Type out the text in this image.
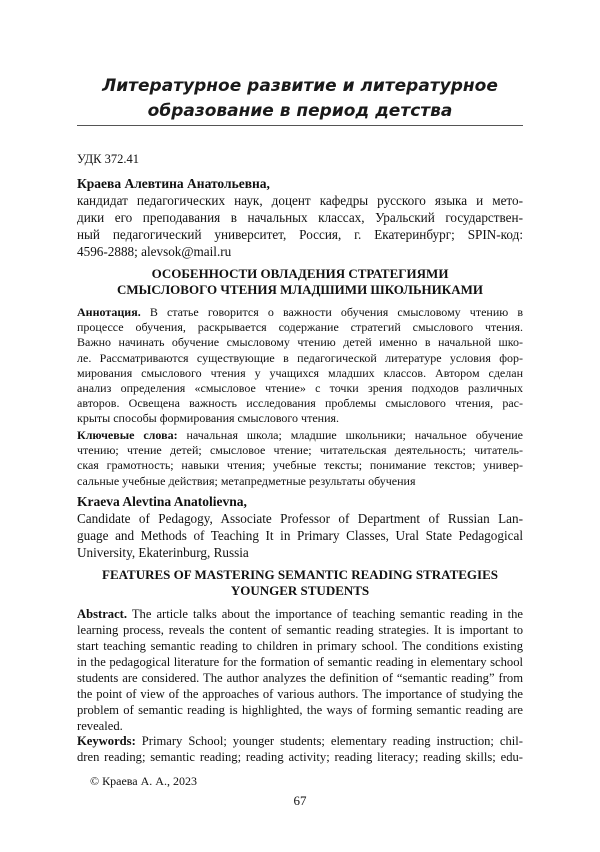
Литературное развитие и литературное
образование в период детства
УДК 372.41
Краева Алевтина Анатольевна,
кандидат педагогических наук, доцент кафедры русского языка и мето-
дики его преподавания в начальных классах, Уральский государствен-
ный педагогический университет, Россия, г. Екатеринбург; SPIN-код:
4596-2888; alevsok@mail.ru
ОСОБЕННОСТИ ОВЛАДЕНИЯ СТРАТЕГИЯМИ
СМЫСЛОВОГО ЧТЕНИЯ МЛАДШИМИ ШКОЛЬНИКАМИ
Аннотация. В статье говорится о важности обучения смысловому чтению в
процессе обучения, раскрывается содержание стратегий смыслового чтения.
Важно начинать обучение смысловому чтению детей именно в начальной шко-
ле. Рассматриваются существующие в педагогической литературе условия фор-
мирования смыслового чтения у учащихся младших классов. Автором сделан
анализ определения «смысловое чтение» с точки зрения подходов различных
авторов. Освещена важность исследования проблемы смыслового чтения, рас-
крыты способы формирования смыслового чтения.
Ключевые слова: начальная школа; младшие школьники; начальное обучение
чтению; чтение детей; смысловое чтение; читательская деятельность; читатель-
ская грамотность; навыки чтения; учебные тексты; понимание текстов; универ-
сальные учебные действия; метапредметные результаты обучения
Kraeva Alevtina Anatolievna,
Candidate of Pedagogy, Associate Professor of Department of Russian Lan-
guage and Methods of Teaching It in Primary Classes, Ural State Pedagogical
University, Ekaterinburg, Russia
FEATURES OF MASTERING SEMANTIC READING STRATEGIES
YOUNGER STUDENTS
Abstract. The article talks about the importance of teaching semantic reading in the
learning process, reveals the content of semantic reading strategies. It is important to
start teaching semantic reading to children in primary school. The conditions existing
in the pedagogical literature for the formation of semantic reading in elementary school
students are considered. The author analyzes the definition of “semantic reading” from
the point of view of the approaches of various authors. The importance of studying the
problem of semantic reading is highlighted, the ways of forming semantic reading are
revealed.
Keywords: Primary School; younger students; elementary reading instruction; chil-
dren reading; semantic reading; reading activity; reading literacy; reading skills; edu-
© Краева А. А., 2023
67
